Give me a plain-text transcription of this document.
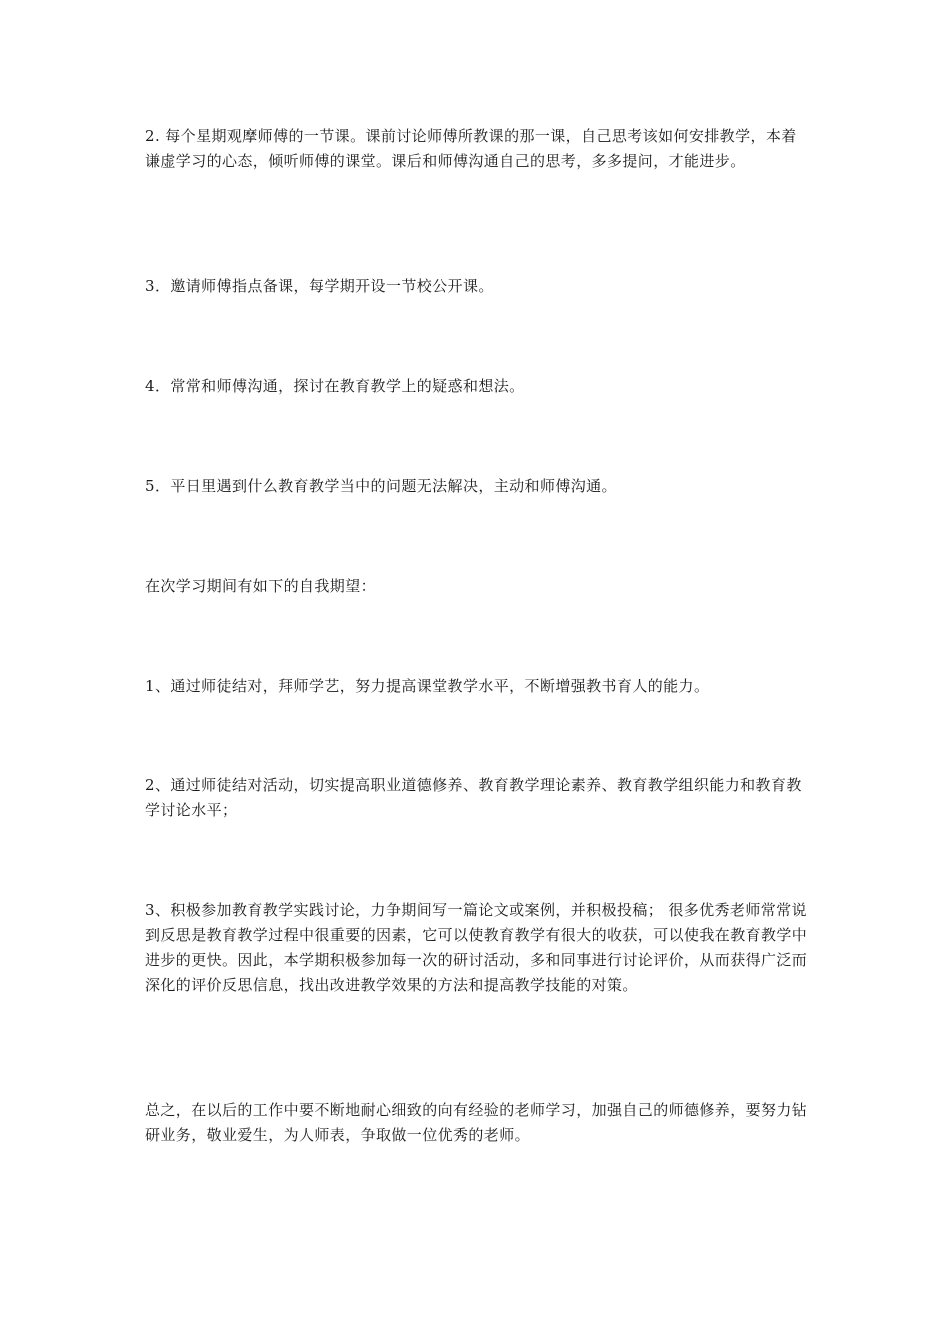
2. 每个星期观摩师傅的一节课。课前讨论师傅所教课的那一课，自己思考该如何安排教学，本着谦虚学习的心态，倾听师傅的课堂。课后和师傅沟通自己的思考，多多提问，才能进步。

3．邀请师傅指点备课，每学期开设一节校公开课。

4．常常和师傅沟通，探讨在教育教学上的疑惑和想法。

5．平日里遇到什么教育教学当中的问题无法解决，主动和师傅沟通。

在次学习期间有如下的自我期望：

1、通过师徒结对，拜师学艺，努力提高课堂教学水平，不断增强教书育人的能力。

2、通过师徒结对活动，切实提高职业道德修养、教育教学理论素养、教育教学组织能力和教育教学讨论水平；

3、积极参加教育教学实践讨论，力争期间写一篇论文或案例，并积极投稿； 很多优秀老师常常说到反思是教育教学过程中很重要的因素，它可以使教育教学有很大的收获，可以使我在教育教学中进步的更快。因此，本学期积极参加每一次的研讨活动，多和同事进行讨论评价，从而获得广泛而深化的评价反思信息，找出改进教学效果的方法和提高教学技能的对策。

总之，在以后的工作中要不断地耐心细致的向有经验的老师学习，加强自己的师德修养，要努力钻研业务，敬业爱生，为人师表，争取做一位优秀的老师。
